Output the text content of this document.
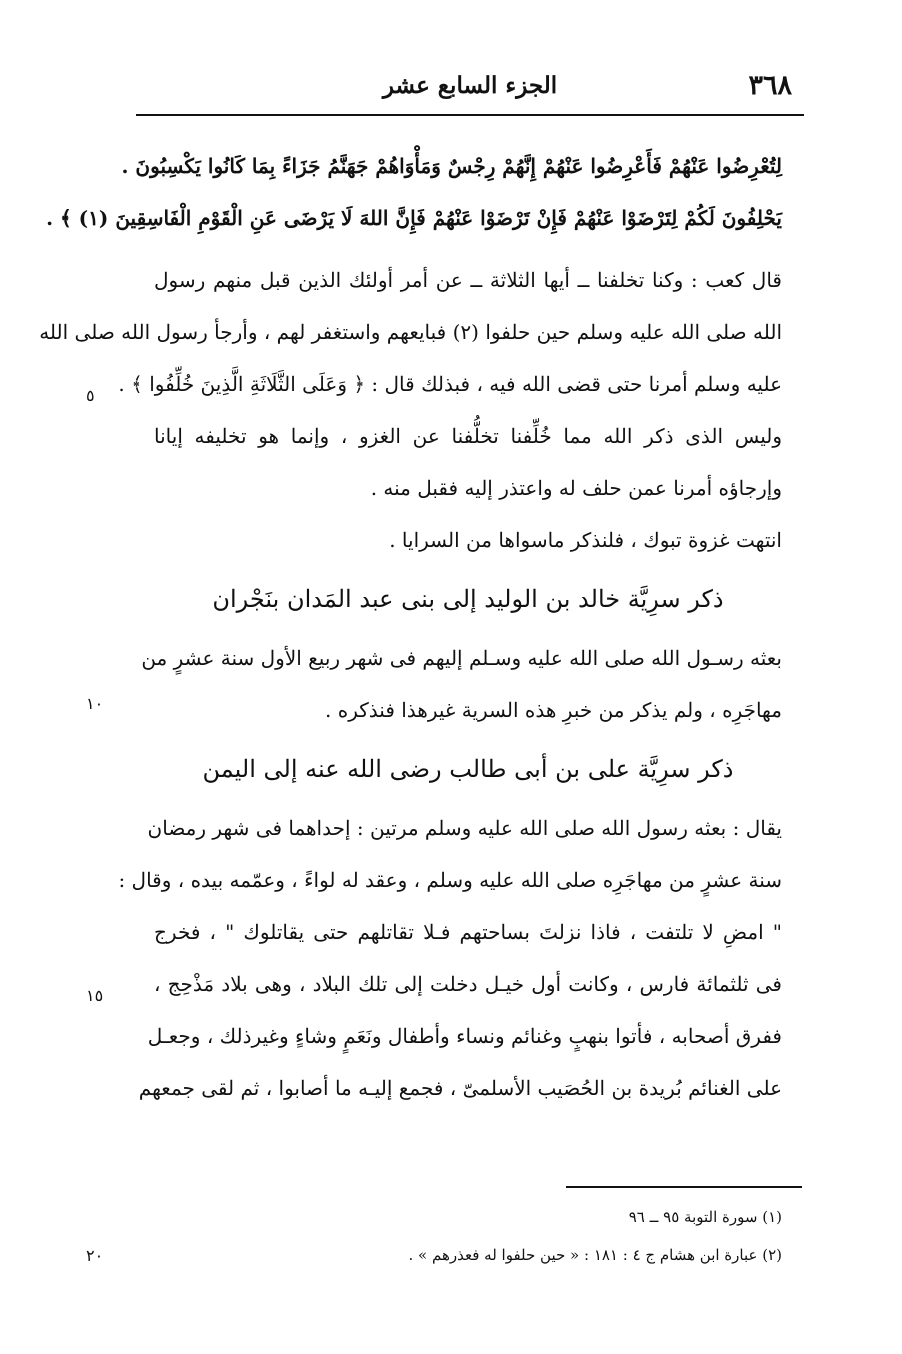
٣٦٨
الجزء السابع عشر
لِتُعْرِضُوا عَنْهُمْ فَأَعْرِضُوا عَنْهُمْ إِنَّهُمْ رِجْسٌ وَمَأْوَاهُمْ جَهَنَّمُ جَزَاءً بِمَا كَانُوا يَكْسِبُونَ .
يَحْلِفُونَ لَكُمْ لِتَرْضَوْا عَنْهُمْ فَإِنْ تَرْضَوْا عَنْهُمْ فَإِنَّ اللهَ لَا يَرْضَى عَنِ الْقَوْمِ الْفَاسِقِينَ (١) ﴾ .
قال كعب : وكنا تخلفنا ــ أيها الثلاثة ــ عن أمر أولئك الذين قبل منهم رسول
الله صلى الله عليه وسلم حين حلفوا (٢) فبايعهم واستغفر لهم ، وأرجأ رسول الله صلى الله
عليه وسلم أمرنا حتى قضى الله فيه ، فبذلك قال : ﴿ وَعَلَى الثَّلَاثَةِ الَّذِينَ خُلِّفُوا ﴾ .
وليس الذى ذكر الله مما خُلِّفنا تخلُّفنا عن الغزو ، وإنما هو تخليفه إيانا
وإرجاؤه أمرنا عمن حلف له واعتذر إليه فقبل منه .
انتهت غزوة تبوك ، فلنذكر ماسواها من السرايا .
ذكر سرِيَّة خالد بن الوليد إلى بنى عبد المَدان بنَجْران
بعثه رسـول الله صلى الله عليه وسـلم إليهم فى شهر ربيع الأول سنة عشرٍ من
مهاجَرِه ، ولم يذكر من خبرِ هذه السرية غيرهذا فنذكره .
ذكر سرِيَّة على بن أبى طالب رضى الله عنه إلى اليمن
يقال : بعثه رسول الله صلى الله عليه وسلم مرتين : إحداهما فى شهر رمضان
سنة عشرٍ من مهاجَرِه صلى الله عليه وسلم ، وعقد له لواءً ، وعمّمه بيده ، وقال :
" امضِ لا تلتفت ، فاذا نزلتَ بساحتهم فـلا تقاتلهم حتى يقاتلوك " ، فخرج
فى ثلثمائة فارس ، وكانت أول خيـل دخلت إلى تلك البلاد ، وهى بلاد مَذْحِج ،
ففرق أصحابه ، فأتوا بنهبٍ وغنائم ونساء وأطفال ونَعَمٍ وشاءٍ وغيرذلك ، وجعـل
على الغنائم بُريدة بن الحُصَيب الأسلمىّ ، فجمع إليـه ما أصابوا ، ثم لقى جمعهم
٥
١٠
١٥
٢٠
(١) سورة التوبة ٩٥ ــ ٩٦
(٢) عبارة ابن هشام ج ٤ : ١٨١ : « حين حلفوا له فعذرهم » .
